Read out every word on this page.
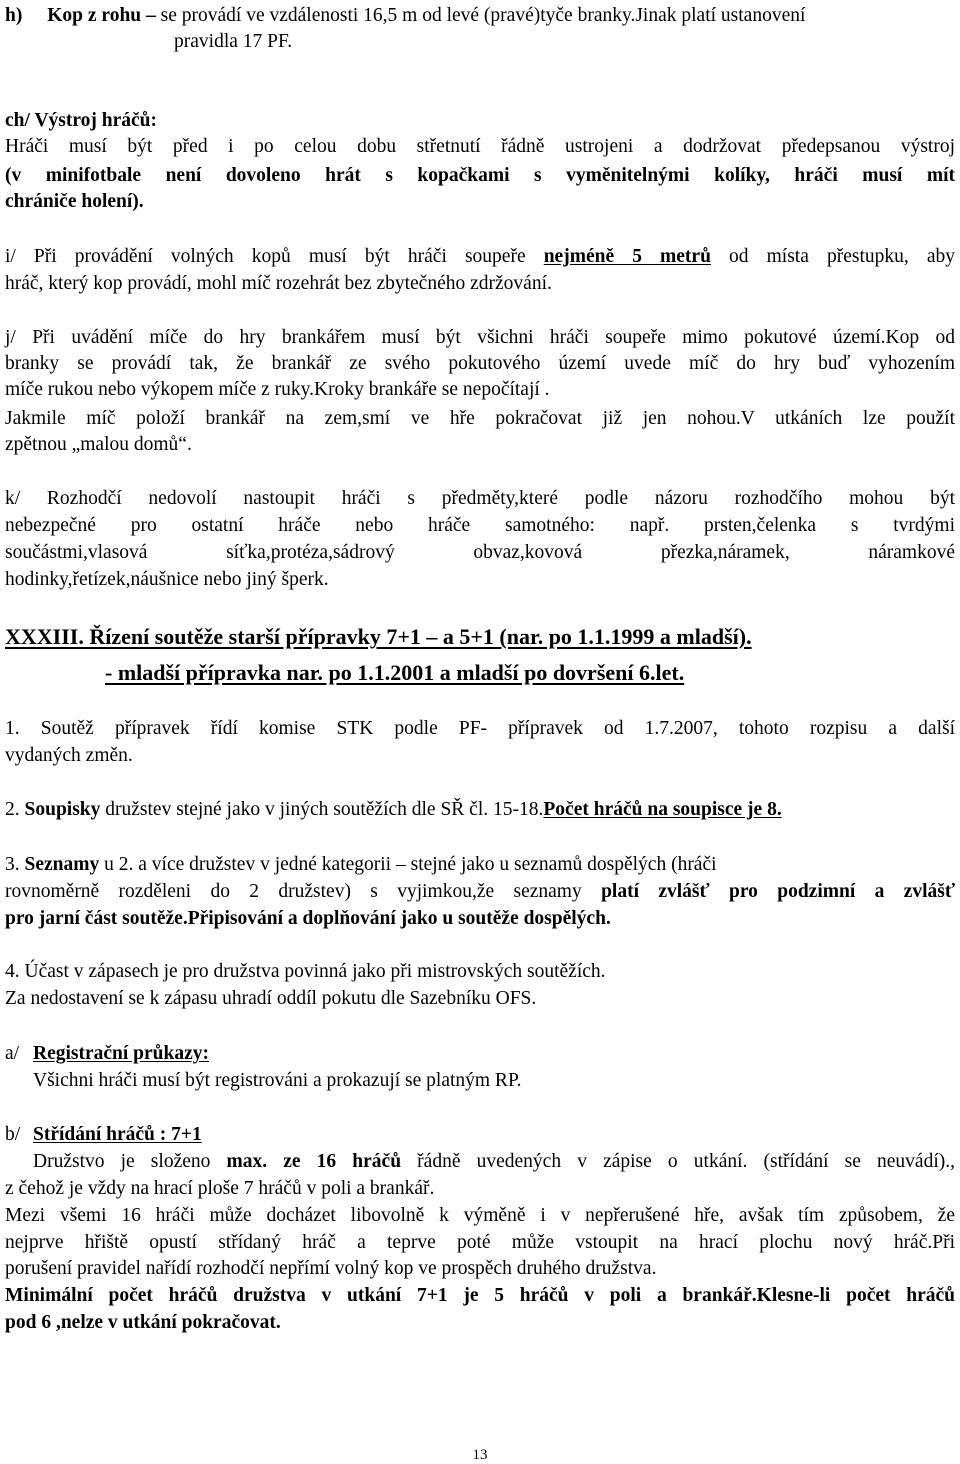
h) Kop z rohu – se provádí ve vzdálenosti 16,5 m od levé (pravé)tyče branky.Jinak platí ustanovení
pravidla 17 PF.
ch/ Výstroj hráčů:
Hráči musí být před i po celou dobu střetnutí řádně ustrojeni a dodržovat předepsanou výstroj
(v minifotbale není dovoleno hrát s kopačkami s vyměnitelnými kolíky, hráči musí mít
chrániče holení).
i/ Při provádění volných kopů musí být hráči soupeře nejméně 5 metrů od místa přestupku, aby
hráč, který kop provádí, mohl míč rozehrát bez zbytečného zdržování.
j/ Při uvádění míče do hry brankářem musí být všichni hráči soupeře mimo pokutové území.Kop od
branky se provádí tak, že brankář ze svého pokutového území uvede míč do hry buď vyhozením
míče rukou nebo výkopem míče z ruky.Kroky brankáře se nepočítají .
Jakmile míč položí brankář na zem,smí ve hře pokračovat již jen nohou.V utkáních lze použít
zpětnou „malou domů“.
k/ Rozhodčí nedovolí nastoupit hráči s předměty,které podle názoru rozhodčího mohou být
nebezpečné pro ostatní hráče nebo hráče samotného: např. prsten,čelenka s tvrdými
součástmi,vlasová síťka,protéza,sádrový obvaz,kovová přezka,náramek, náramkové
hodinky,řetízek,náušnice nebo jiný šperk.
XXXIII. Řízení soutěže starší přípravky 7+1 – a 5+1 (nar. po 1.1.1999 a mladší).
- mladší přípravka nar. po 1.1.2001 a mladší po dovršení 6.let.
1. Soutěž přípravek řídí komise STK podle PF- přípravek od 1.7.2007, tohoto rozpisu a další
vydaných změn.
2. Soupisky družstev stejné jako v jiných soutěžích dle SŘ čl. 15-18.Počet hráčů na soupisce je 8.
3. Seznamy u 2. a více družstev v jedné kategorii – stejné jako u seznamů dospělých (hráči
rovnoměrně rozděleni do 2 družstev) s vyjimkou,že seznamy platí zvlášť pro podzimní a zvlášť
pro jarní část soutěže.Připisování a doplňování jako u soutěže dospělých.
4. Účast v zápasech je pro družstva povinná jako při mistrovských soutěžích.
Za nedostavení se k zápasu uhradí oddíl pokutu dle Sazebníku OFS.
a/Registrační průkazy:
Všichni hráči musí být registrováni a prokazují se platným RP.
b/Střídání hráčů : 7+1
Družstvo je složeno max. ze 16 hráčů řádně uvedených v zápise o utkání. (střídání se neuvádí).,
z čehož je vždy na hrací ploše 7 hráčů v poli a brankář.
Mezi všemi 16 hráči může docházet libovolně k výměně i v nepřerušené hře, avšak tím způsobem, že
nejprve hřiště opustí střídaný hráč a teprve poté může vstoupit na hrací plochu nový hráč.Při
porušení pravidel nařídí rozhodčí nepřímí volný kop ve prospěch druhého družstva.
Minimální počet hráčů družstva v utkání 7+1 je 5 hráčů v poli a brankář.Klesne-li počet hráčů
pod 6 ,nelze v utkání pokračovat.
13
